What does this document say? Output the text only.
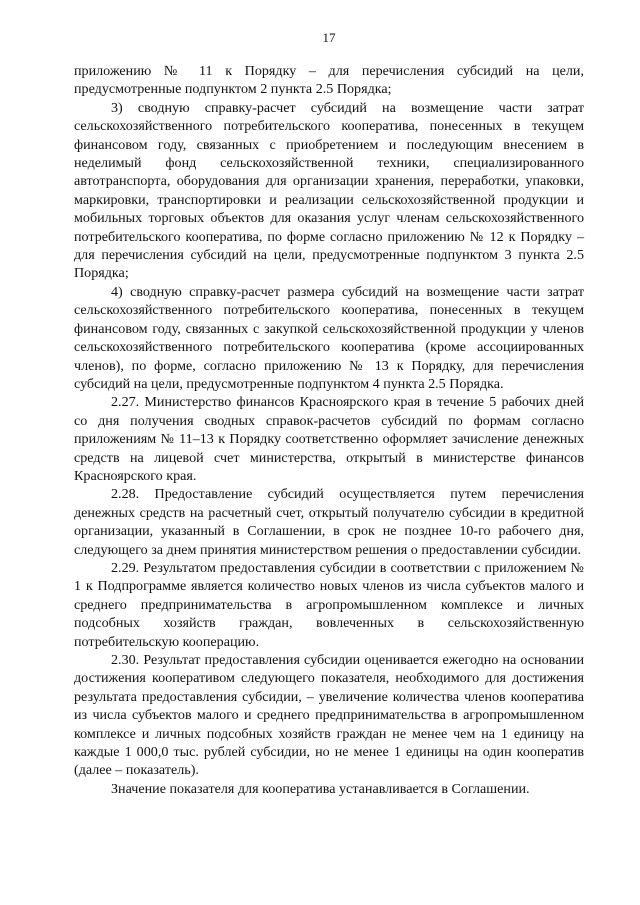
17

приложению № 11 к Порядку – для перечисления субсидий на цели, предусмотренные подпунктом 2 пункта 2.5 Порядка;

3) сводную справку-расчет субсидий на возмещение части затрат сельскохозяйственного потребительского кооператива, понесенных в текущем финансовом году, связанных с приобретением и последующим внесением в неделимый фонд сельскохозяйственной техники, специализированного автотранспорта, оборудования для организации хранения, переработки, упаковки, маркировки, транспортировки и реализации сельскохозяйственной продукции и мобильных торговых объектов для оказания услуг членам сельскохозяйственного потребительского кооператива, по форме согласно приложению № 12 к Порядку – для перечисления субсидий на цели, предусмотренные подпунктом 3 пункта 2.5 Порядка;

4) сводную справку-расчет размера субсидий на возмещение части затрат сельскохозяйственного потребительского кооператива, понесенных в текущем финансовом году, связанных с закупкой сельскохозяйственной продукции у членов сельскохозяйственного потребительского кооператива (кроме ассоциированных членов), по форме, согласно приложению № 13 к Порядку, для перечисления субсидий на цели, предусмотренные подпунктом 4 пункта 2.5 Порядка.

2.27. Министерство финансов Красноярского края в течение 5 рабочих дней со дня получения сводных справок-расчетов субсидий по формам согласно приложениям № 11–13 к Порядку соответственно оформляет зачисление денежных средств на лицевой счет министерства, открытый в министерстве финансов Красноярского края.

2.28. Предоставление субсидий осуществляется путем перечисления денежных средств на расчетный счет, открытый получателю субсидии в кредитной организации, указанный в Соглашении, в срок не позднее 10-го рабочего дня, следующего за днем принятия министерством решения о предоставлении субсидии.

2.29. Результатом предоставления субсидии в соответствии с приложением № 1 к Подпрограмме является количество новых членов из числа субъектов малого и среднего предпринимательства в агропромышленном комплексе и личных подсобных хозяйств граждан, вовлеченных в сельскохозяйственную потребительскую кооперацию.

2.30. Результат предоставления субсидии оценивается ежегодно на основании достижения кооперативом следующего показателя, необходимого для достижения результата предоставления субсидии, – увеличение количества членов кооператива из числа субъектов малого и среднего предпринимательства в агропромышленном комплексе и личных подсобных хозяйств граждан не менее чем на 1 единицу на каждые 1 000,0 тыс. рублей субсидии, но не менее 1 единицы на один кооператив (далее – показатель).

Значение показателя для кооператива устанавливается в Соглашении.
